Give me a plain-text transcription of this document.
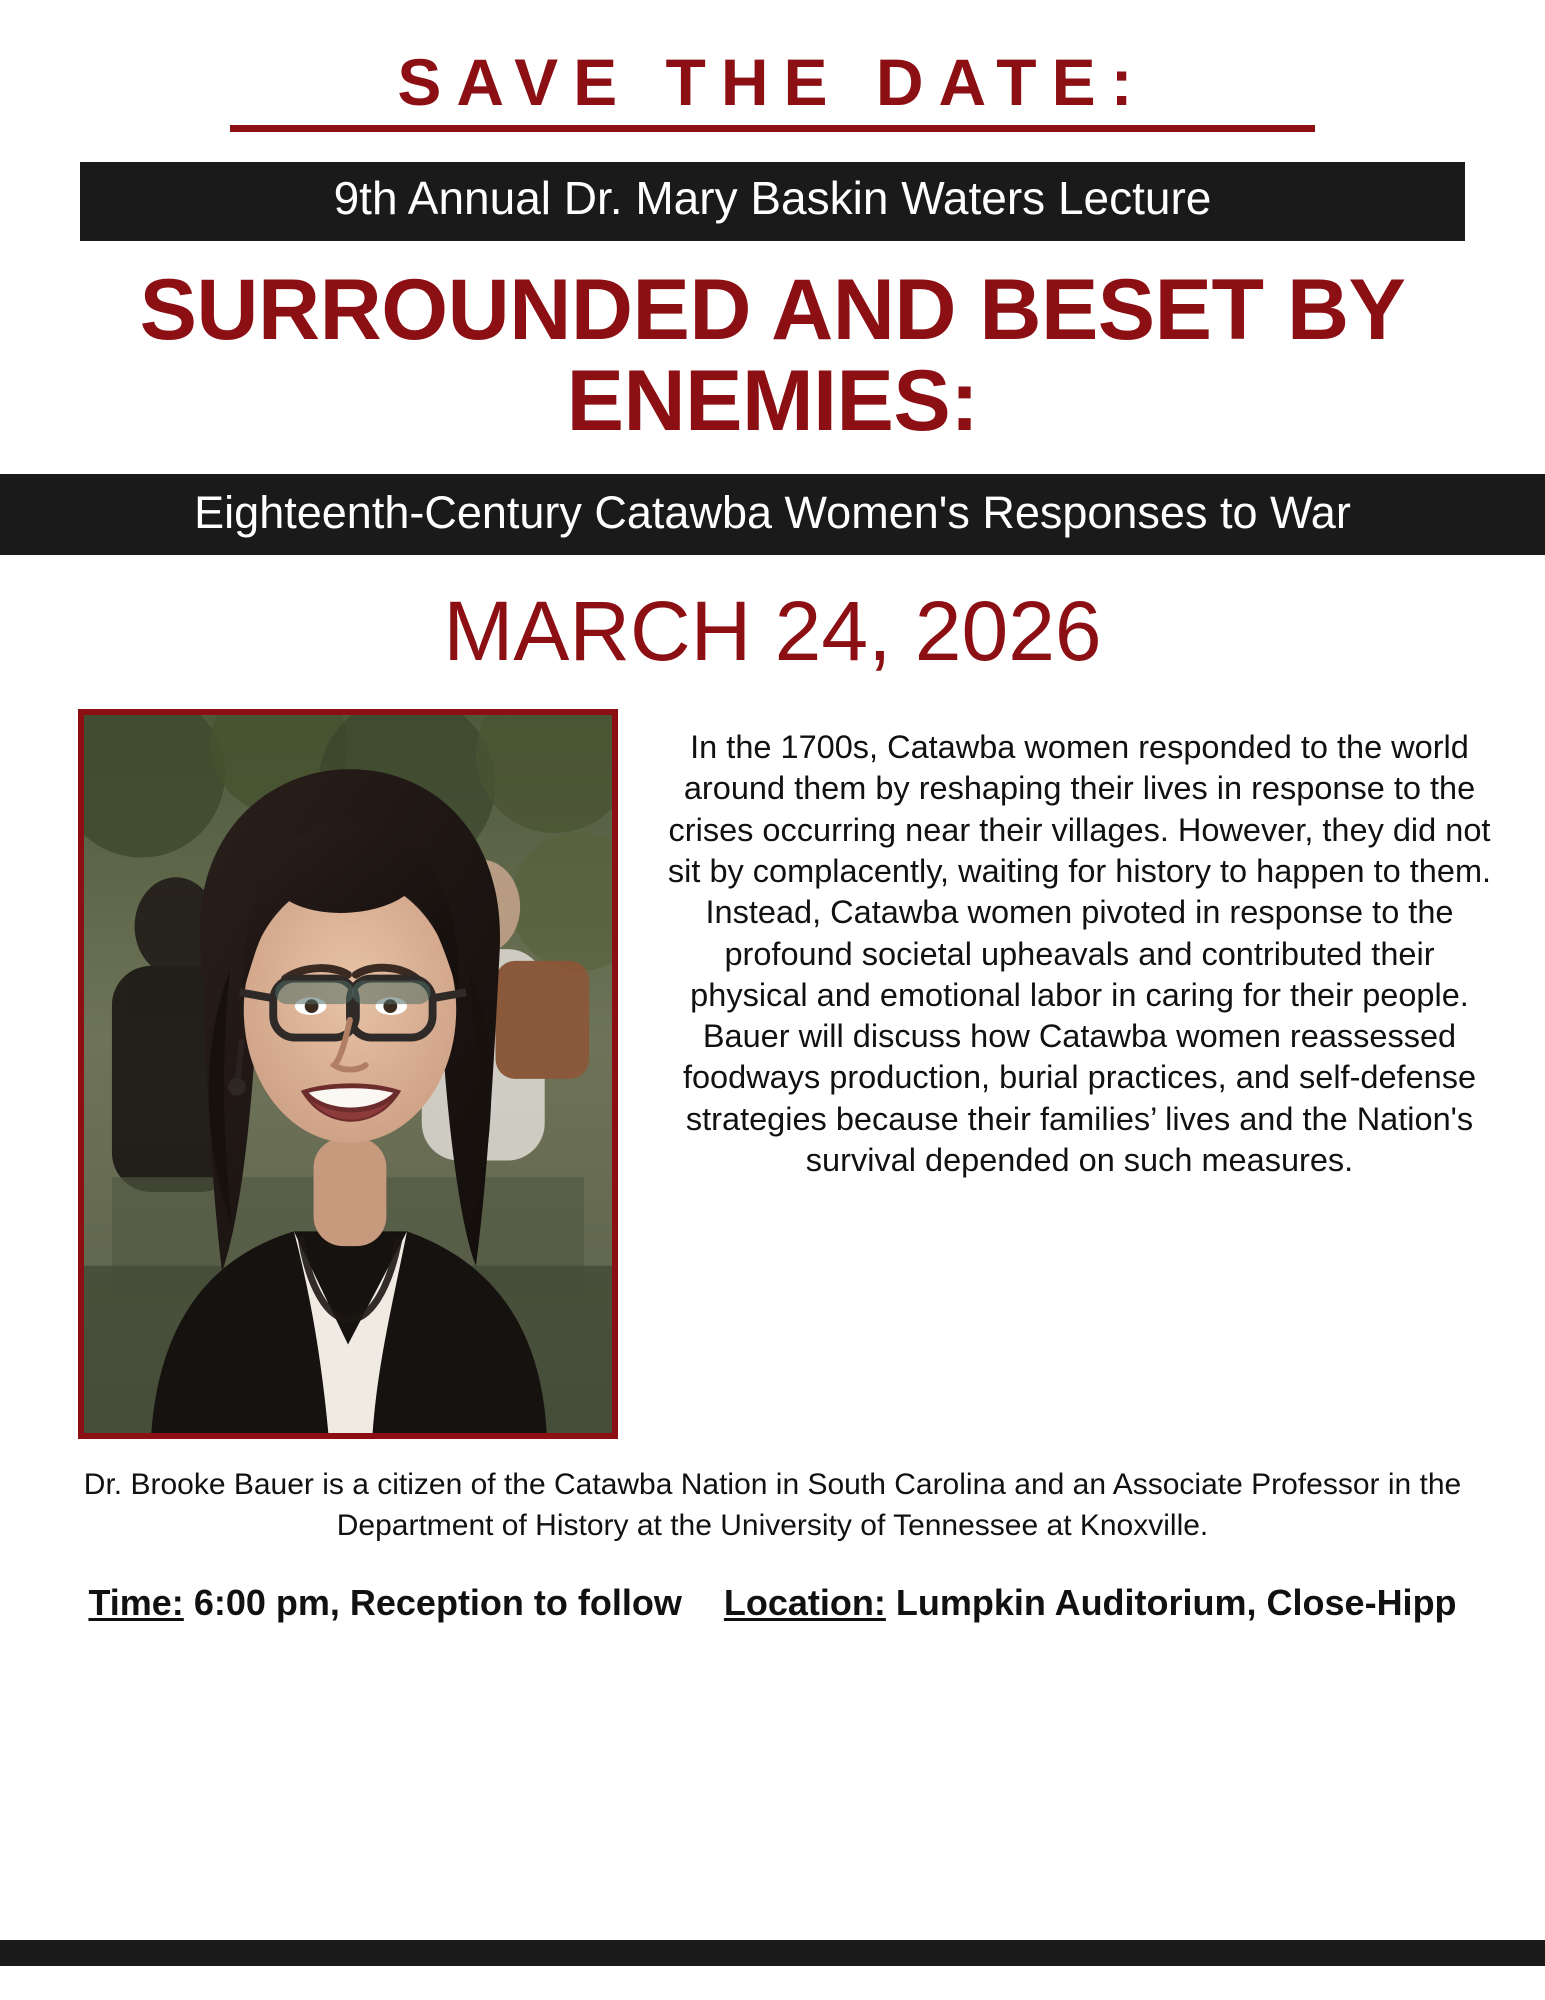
SAVE THE DATE:
9th Annual Dr. Mary Baskin Waters Lecture
SURROUNDED AND BESET BY ENEMIES:
Eighteenth-Century Catawba Women's Responses to War
MARCH 24, 2026
In the 1700s, Catawba women responded to the world around them by reshaping their lives in response to the crises occurring near their villages. However, they did not sit by complacently, waiting for history to happen to them. Instead, Catawba women pivoted in response to the profound societal upheavals and contributed their physical and emotional labor in caring for their people. Bauer will discuss how Catawba women reassessed foodways production, burial practices, and self-defense strategies because their families’ lives and the Nation's survival depended on such measures.
Dr. Brooke Bauer is a citizen of the Catawba Nation in South Carolina and an Associate Professor in the Department of History at the University of Tennessee at Knoxville.
Time: 6:00 pm, Reception to follow Location: Lumpkin Auditorium, Close-Hipp
